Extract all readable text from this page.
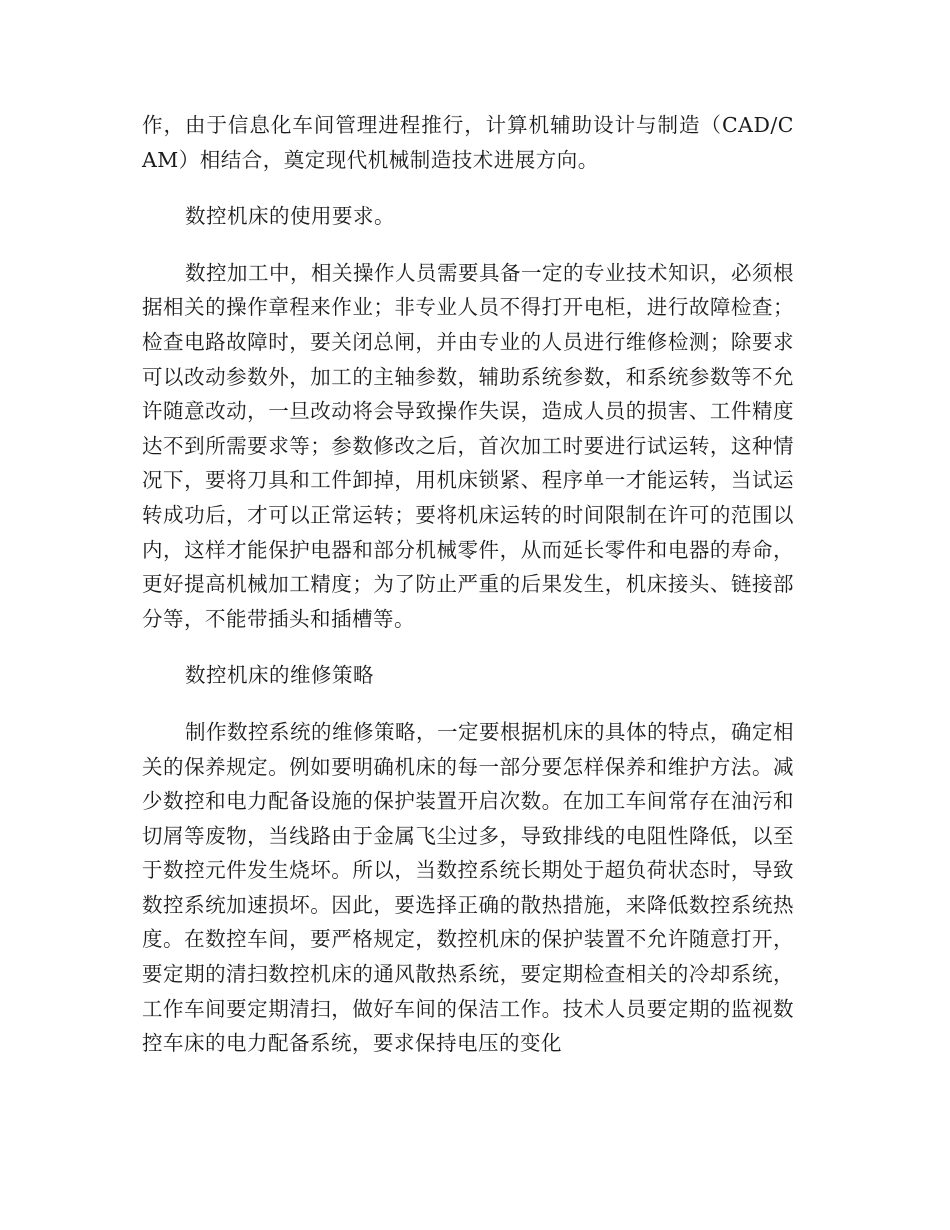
作，由于信息化车间管理进程推行，计算机辅助设计与制造（CAD/CAM）相结合，奠定现代机械制造技术进展方向。

数控机床的使用要求。

数控加工中，相关操作人员需要具备一定的专业技术知识，必须根据相关的操作章程来作业；非专业人员不得打开电柜，进行故障检查；检查电路故障时，要关闭总闸，并由专业的人员进行维修检测；除要求可以改动参数外，加工的主轴参数，辅助系统参数，和系统参数等不允许随意改动，一旦改动将会导致操作失误，造成人员的损害、工件精度达不到所需要求等；参数修改之后，首次加工时要进行试运转，这种情况下，要将刀具和工件卸掉，用机床锁紧、程序单一才能运转，当试运转成功后，才可以正常运转；要将机床运转的时间限制在许可的范围以内，这样才能保护电器和部分机械零件，从而延长零件和电器的寿命，更好提高机械加工精度；为了防止严重的后果发生，机床接头、链接部分等，不能带插头和插槽等。

数控机床的维修策略

制作数控系统的维修策略，一定要根据机床的具体的特点，确定相关的保养规定。例如要明确机床的每一部分要怎样保养和维护方法。减少数控和电力配备设施的保护装置开启次数。在加工车间常存在油污和切屑等废物，当线路由于金属飞尘过多，导致排线的电阻性降低，以至于数控元件发生烧坏。所以，当数控系统长期处于超负荷状态时，导致数控系统加速损坏。因此，要选择正确的散热措施，来降低数控系统热度。在数控车间，要严格规定，数控机床的保护装置不允许随意打开，要定期的清扫数控机床的通风散热系统，要定期检查相关的冷却系统，工作车间要定期清扫，做好车间的保洁工作。技术人员要定期的监视数控车床的电力配备系统，要求保持电压的变化
